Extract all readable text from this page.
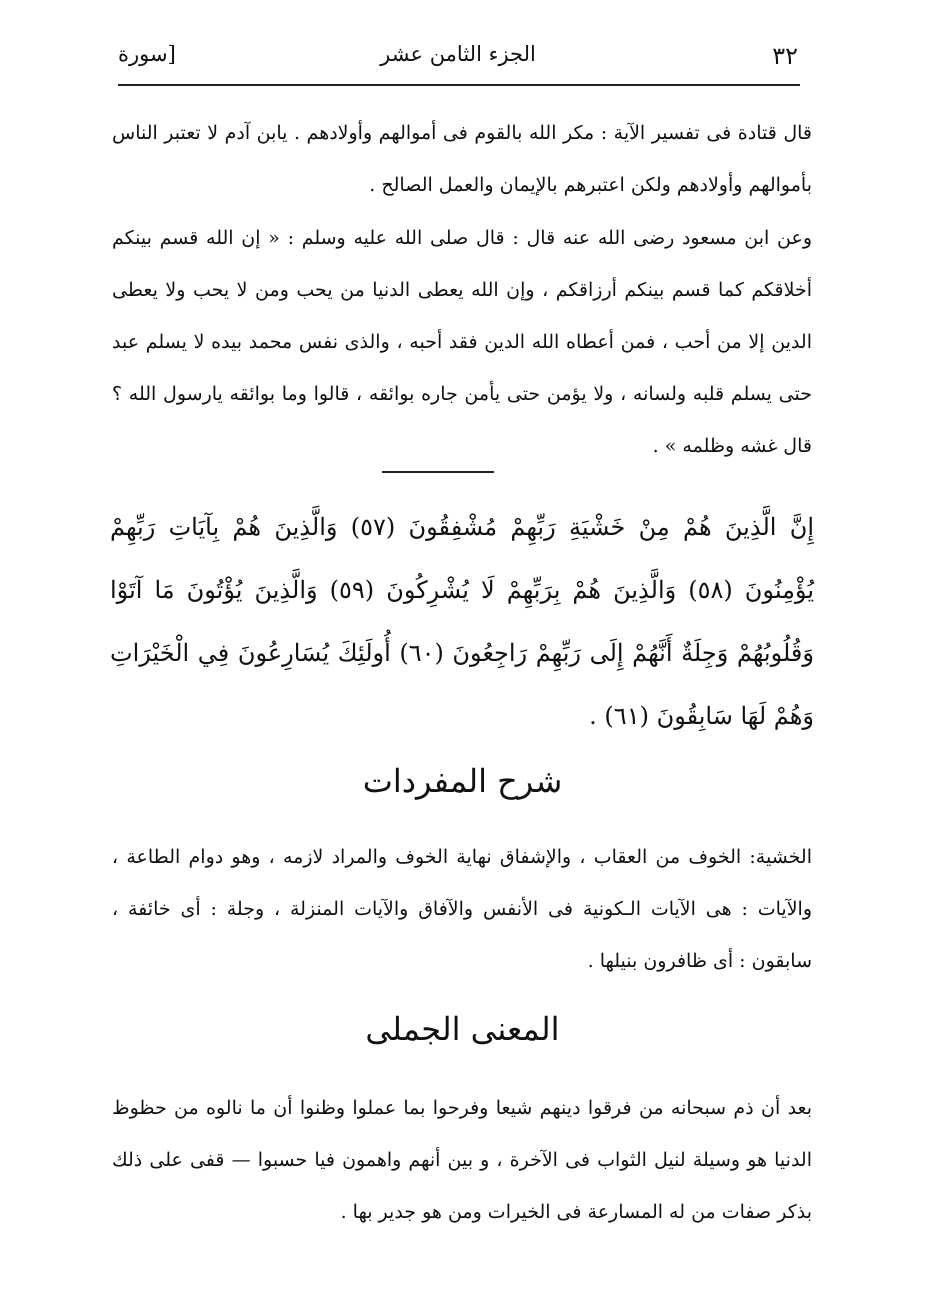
٣٢
الجزء الثامن عشر
[سورة
قال قتادة فى تفسير الآية : مكر الله بالقوم فى أموالهم وأولادهم . يابن آدم لا تعتبر الناس بأموالهم وأولادهم ولكن اعتبرهم بالإيمان والعمل الصالح .
وعن ابن مسعود رضى الله عنه قال : قال صلى الله عليه وسلم : « إن الله قسم بينكم أخلاقكم كما قسم بينكم أرزاقكم ، وإن الله يعطى الدنيا من يحب ومن لا يحب ولا يعطى الدين إلا من أحب ، فمن أعطاه الله الدين فقد أحبه ، والذى نفس محمد بيده لا يسلم عبد حتى يسلم قلبه ولسانه ، ولا يؤمن حتى يأمن جاره بوائقه ، قالوا وما بوائقه يارسول الله ؟ قال غشه وظلمه » .
إِنَّ الَّذِينَ هُمْ مِنْ خَشْيَةِ رَبِّهِمْ مُشْفِقُونَ (٥٧) وَالَّذِينَ هُمْ بِآيَاتِ رَبِّهِمْ يُؤْمِنُونَ (٥٨) وَالَّذِينَ هُمْ بِرَبِّهِمْ لَا يُشْرِكُونَ (٥٩) وَالَّذِينَ يُؤْتُونَ مَا آتَوْا وَقُلُوبُهُمْ وَجِلَةٌ أَنَّهُمْ إِلَى رَبِّهِمْ رَاجِعُونَ (٦٠) أُولَئِكَ يُسَارِعُونَ فِي الْخَيْرَاتِ وَهُمْ لَهَا سَابِقُونَ (٦١) .
شرح المفردات
الخشية: الخوف من العقاب ، والإشفاق نهاية الخوف والمراد لازمه ، وهو دوام الطاعة ، والآيات : هى الآيات الـكونية فى الأنفس والآفاق والآيات المنزلة ، وجلة : أى خائفة ، سابقون : أى ظافرون بنيلها .
المعنى الجملى
بعد أن ذم سبحانه من فرقوا دينهم شيعا وفرحوا بما عملوا وظنوا أن ما نالوه من حظوظ الدنيا هو وسيلة لنيل الثواب فى الآخرة ، و بين أنهم واهمون فيا حسبوا — قفى على ذلك بذكر صفات من له المسارعة فى الخيرات ومن هو جدير بها .
